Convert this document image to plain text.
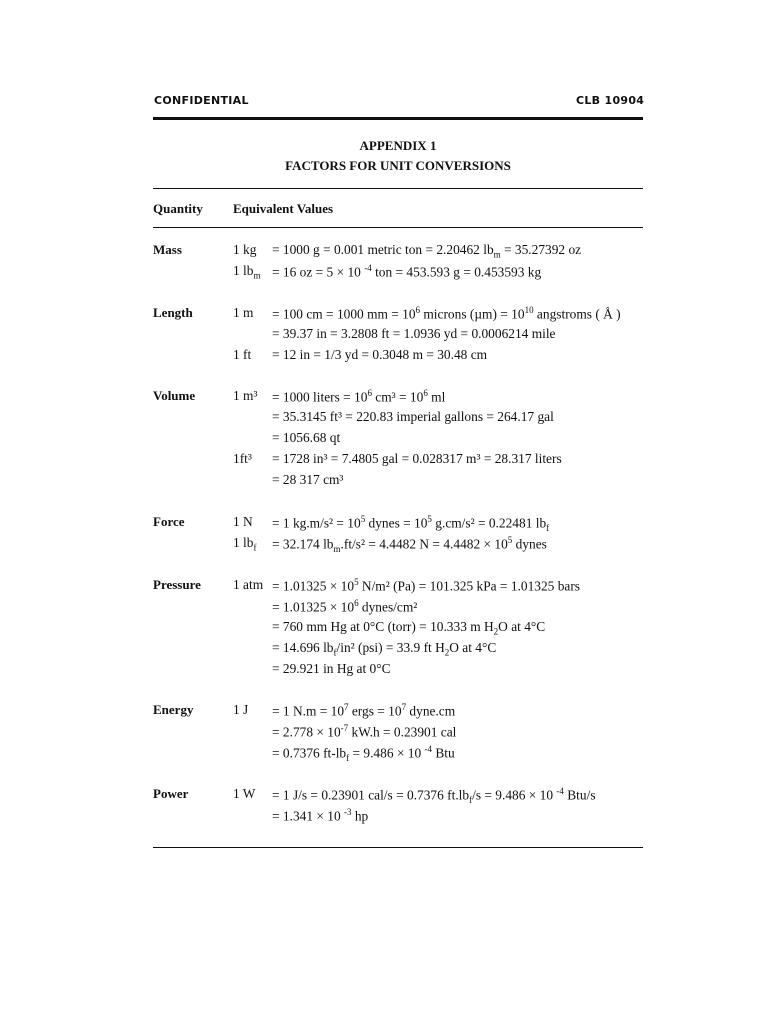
CONFIDENTIAL	CLB 10904
APPENDIX 1
FACTORS FOR UNIT CONVERSIONS
Quantity Equivalent Values
Mass	1 kg = 1000 g = 0.001 metric ton = 2.20462 $lb_m = 35.27392$ oz
1 $lb_m = 16$ oz = 5 × 10 $^{-4}$ ton = 453.593 g = 0.453593 kg
Length	1 m = 100 cm = 1000 mm = $10^6$ microns $(\mu m) = 10^{10}$ angstroms ( Å )
= 39.37 in = 3.2808 ft = 1.0936 yd = 0.0006214 mile
1 ft = 12 in = 1/3 yd = 0.3048 m = 30.48 cm
Volume	1 m³ = 1000 liters = $10^6$ $cm^3 = 10^6$ ml
= 35.3145 ft³ = 220.83 imperial gallons = 264.17 gal
= 1056.68 qt
1ft³ = 1728 in³ = 7.4805 gal = 0.028317 m³ = 28.317 liters
= 28 317 cm³
Force	1 N = 1 $kg.m/s^2 = 10^5$ dynes = $10^5$ g.cm/s² = 0.22481 $lb_f$
1 $lb_f = 32.174$ $lb_m.ft/s^2 = 4.4482$ $N = 4.4482 \times 10^5$ dynes
Pressure 1 atm = $1.01325 \times 10^5$ N/m² (Pa) = 101.325 kPa = 1.01325 bars
= $1.01325 \times 10^6$ dynes/cm²
= 760 mm Hg at 0°C (torr) = 10.333 m $H_2O$ at 4°C
= 14.696 $lb_f$/in² (psi) = 33.9 ft $H_2O$ at 4°C
= 29.921 in Hg at 0°C
Energy	1 J = 1 $N.m = 10^7$ ergs = $10^7$ dyne.cm
= $2.778 \times 10^{-7}$ kW.h = 0.23901 cal
= 0.7376 $ft-lb_f = 9.486 \times 10$ $^{-4}$ Btu
Power	1 W = 1 J/s = 0.23901 cal/s = 0.7376 $ft.lb_f/s = 9.486 \times 10$ $^{-4}$ Btu/s
= 1.341 × 10 $^{-3}$ hp
